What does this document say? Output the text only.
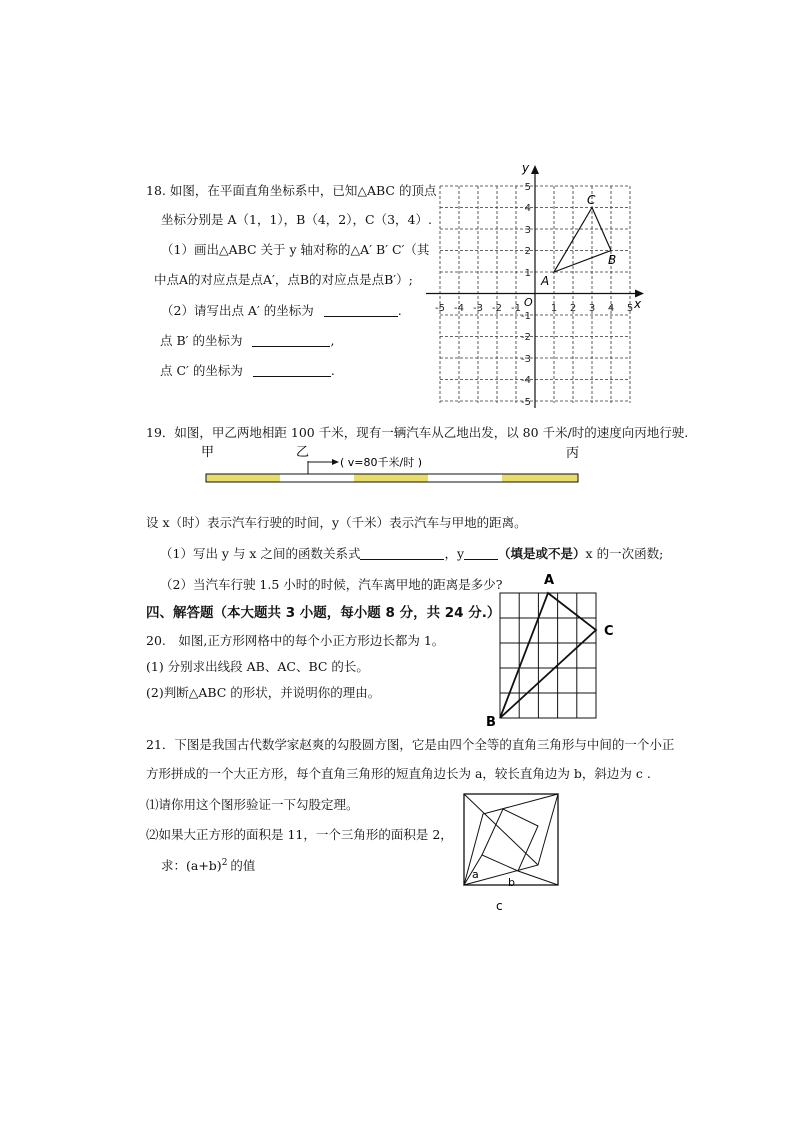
18. 如图，在平面直角坐标系中，已知△ABC 的顶点
坐标分别是 A（1，1），B（4，2），C（3，4）.
（1）画出△ABC 关于 y 轴对称的△A′ B′ C′（其
中点A的对应点是点A′，点B的对应点是点B′）;
（2）请写出点 A′ 的坐标为	.
点 B′ 的坐标为	,
点 C′ 的坐标为	.
x
y
O
-5 -4 -3 -2 -1	1 2 3 4 5
5
4
3
2
1
-1
-2
-3
-4
-5
A
B
C
19．如图，甲乙两地相距 100 千米，现有一辆汽车从乙地出发，以 80 千米/时的速度向丙地行驶.
甲	乙	丙
( v=80千米/时 )
设 x（时）表示汽车行驶的时间，y（千米）表示汽车与甲地的距离。
（1）写出 y 与 x 之间的函数关系式	，y	（填是或不是）x 的一次函数;
（2）当汽车行驶 1.5 小时的时候，汽车离甲地的距离是多少?
四、解答题（本大题共 3 小题，每小题 8 分，共 24 分.）
20.　如图,正方形网格中的每个小正方形边长都为 1。
(1) 分别求出线段 AB、AC、BC 的长。
(2)判断△ABC 的形状，并说明你的理由。
A
C
B
21．下图是我国古代数学家赵爽的勾股圆方图，它是由四个全等的直角三角形与中间的一个小正
方形拼成的一个大正方形，每个直角三角形的短直角边长为 a，较长直角边为 b，斜边为 c .
⑴请你用这个图形验证一下勾股定理。
⑵如果大正方形的面积是 11，一个三角形的面积是 2，
求：$(a+b)^2$ 的值
a
b
c
